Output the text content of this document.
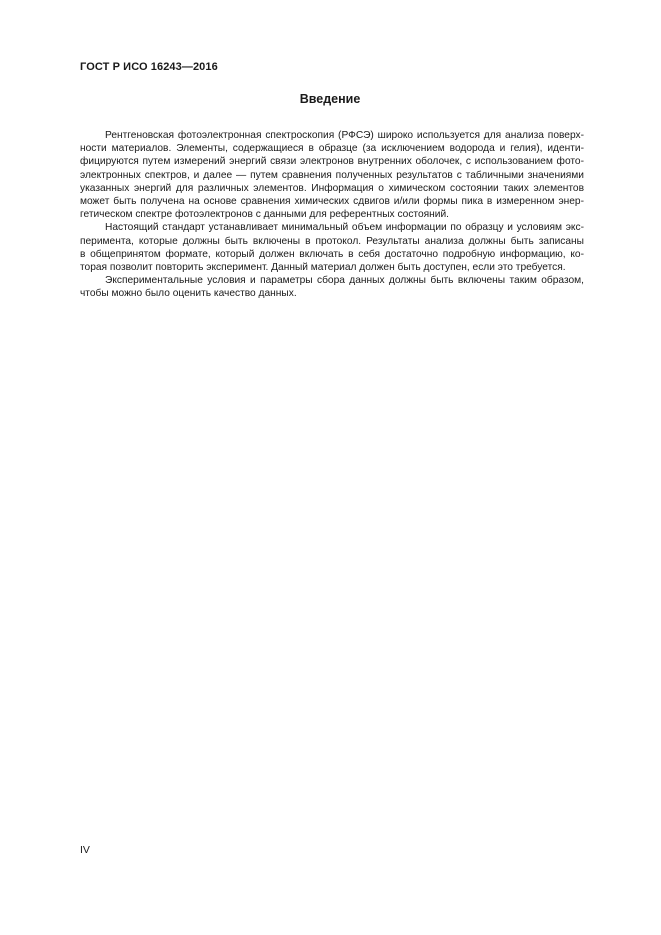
ГОСТ Р ИСО 16243—2016
Введение

Рентгеновская фотоэлектронная спектроскопия (РФСЭ) широко используется для анализа поверх-
ности материалов. Элементы, содержащиеся в образце (за исключением водорода и гелия), иденти-
фицируются путем измерений энергий связи электронов внутренних оболочек, с использованием фото-
электронных спектров, и далее — путем сравнения полученных результатов с табличными значениями
указанных энергий для различных элементов. Информация о химическом состоянии таких элементов
может быть получена на основе сравнения химических сдвигов и/или формы пика в измеренном энер-
гетическом спектре фотоэлектронов с данными для референтных состояний.

Настоящий стандарт устанавливает минимальный объем информации по образцу и условиям экс-
перимента, которые должны быть включены в протокол. Результаты анализа должны быть записаны
в общепринятом формате, который должен включать в себя достаточно подробную информацию, ко-
торая позволит повторить эксперимент. Данный материал должен быть доступен, если это требуется.

Экспериментальные условия и параметры сбора данных должны быть включены таким образом,
чтобы можно было оценить качество данных.

IV
